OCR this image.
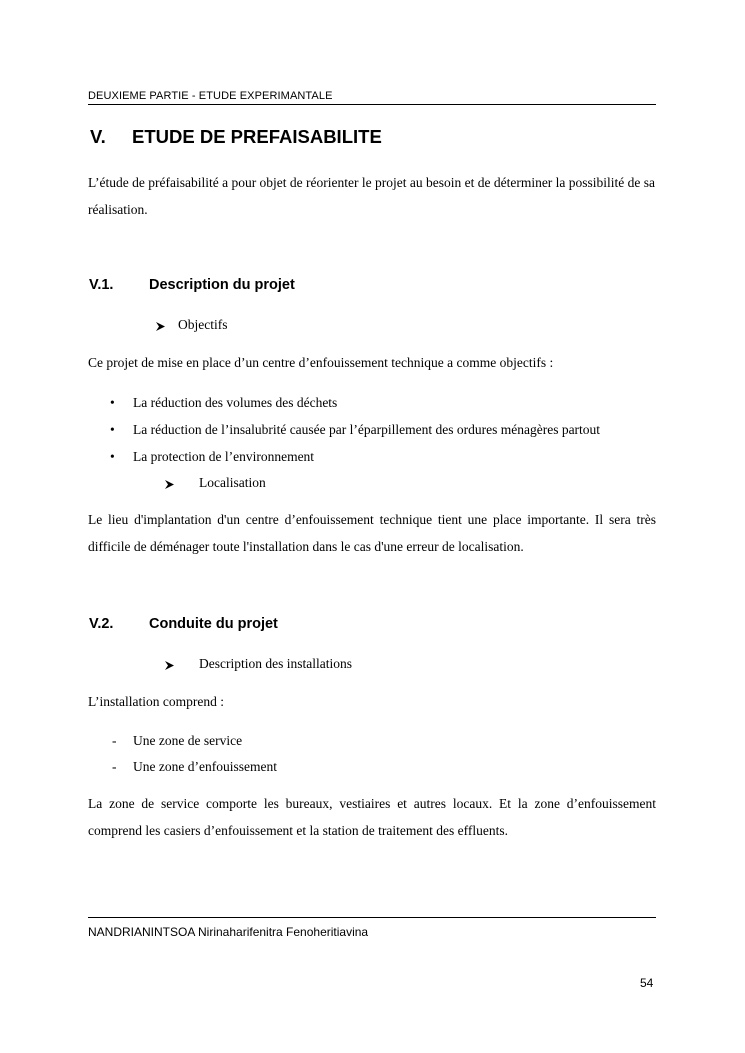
DEUXIEME PARTIE - ETUDE EXPERIMANTALE
V. ETUDE DE PREFAISABILITE

L’étude de préfaisabilité a pour objet de réorienter le projet au besoin et de déterminer la possibilité de sa réalisation.

V.1. Description du projet
Objectifs

Ce projet de mise en place d’un centre d’enfouissement technique a comme objectifs :

• La réduction des volumes des déchets
• La réduction de l’insalubrité causée par l’éparpillement des ordures ménagères partout
• La protection de l’environnement
Localisation

Le lieu d'implantation d'un centre d’enfouissement technique tient une place importante. Il sera très difficile de déménager toute l'installation dans le cas d'une erreur de localisation.

V.2. Conduite du projet
Description des installations

L’installation comprend :

- Une zone de service
- Une zone d’enfouissement

La zone de service comporte les bureaux, vestiaires et autres locaux. Et la zone d’enfouissement comprend les casiers d’enfouissement et la station de traitement des effluents.

NANDRIANINTSOA Nirinaharifenitra Fenoheritiavina
54
